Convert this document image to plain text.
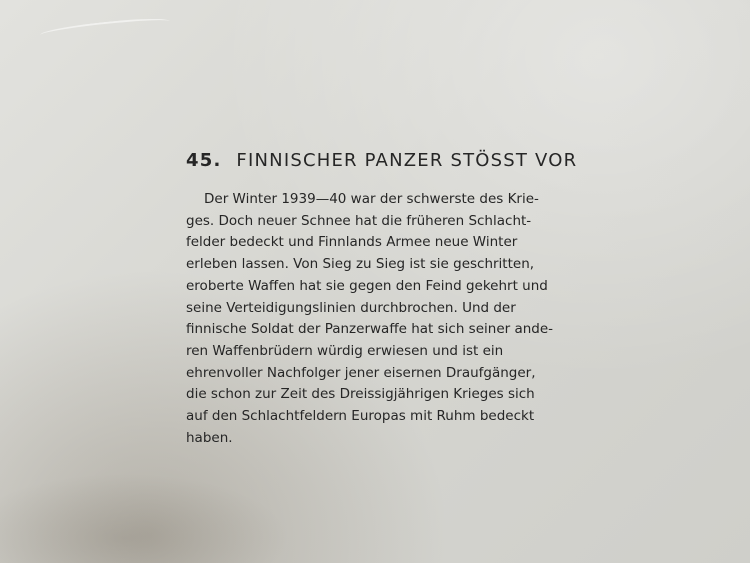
45. FINNISCHER PANZER STÖSST VOR
Der Winter 1939—40 war der schwerste des Krie-
ges. Doch neuer Schnee hat die früheren Schlacht-
felder bedeckt und Finnlands Armee neue Winter
erleben lassen. Von Sieg zu Sieg ist sie geschritten,
eroberte Waffen hat sie gegen den Feind gekehrt und
seine Verteidigungslinien durchbrochen. Und der
finnische Soldat der Panzerwaffe hat sich seiner ande-
ren Waffenbrüdern würdig erwiesen und ist ein
ehrenvoller Nachfolger jener eisernen Draufgänger,
die schon zur Zeit des Dreissigjährigen Krieges sich
auf den Schlachtfeldern Europas mit Ruhm bedeckt
haben.
